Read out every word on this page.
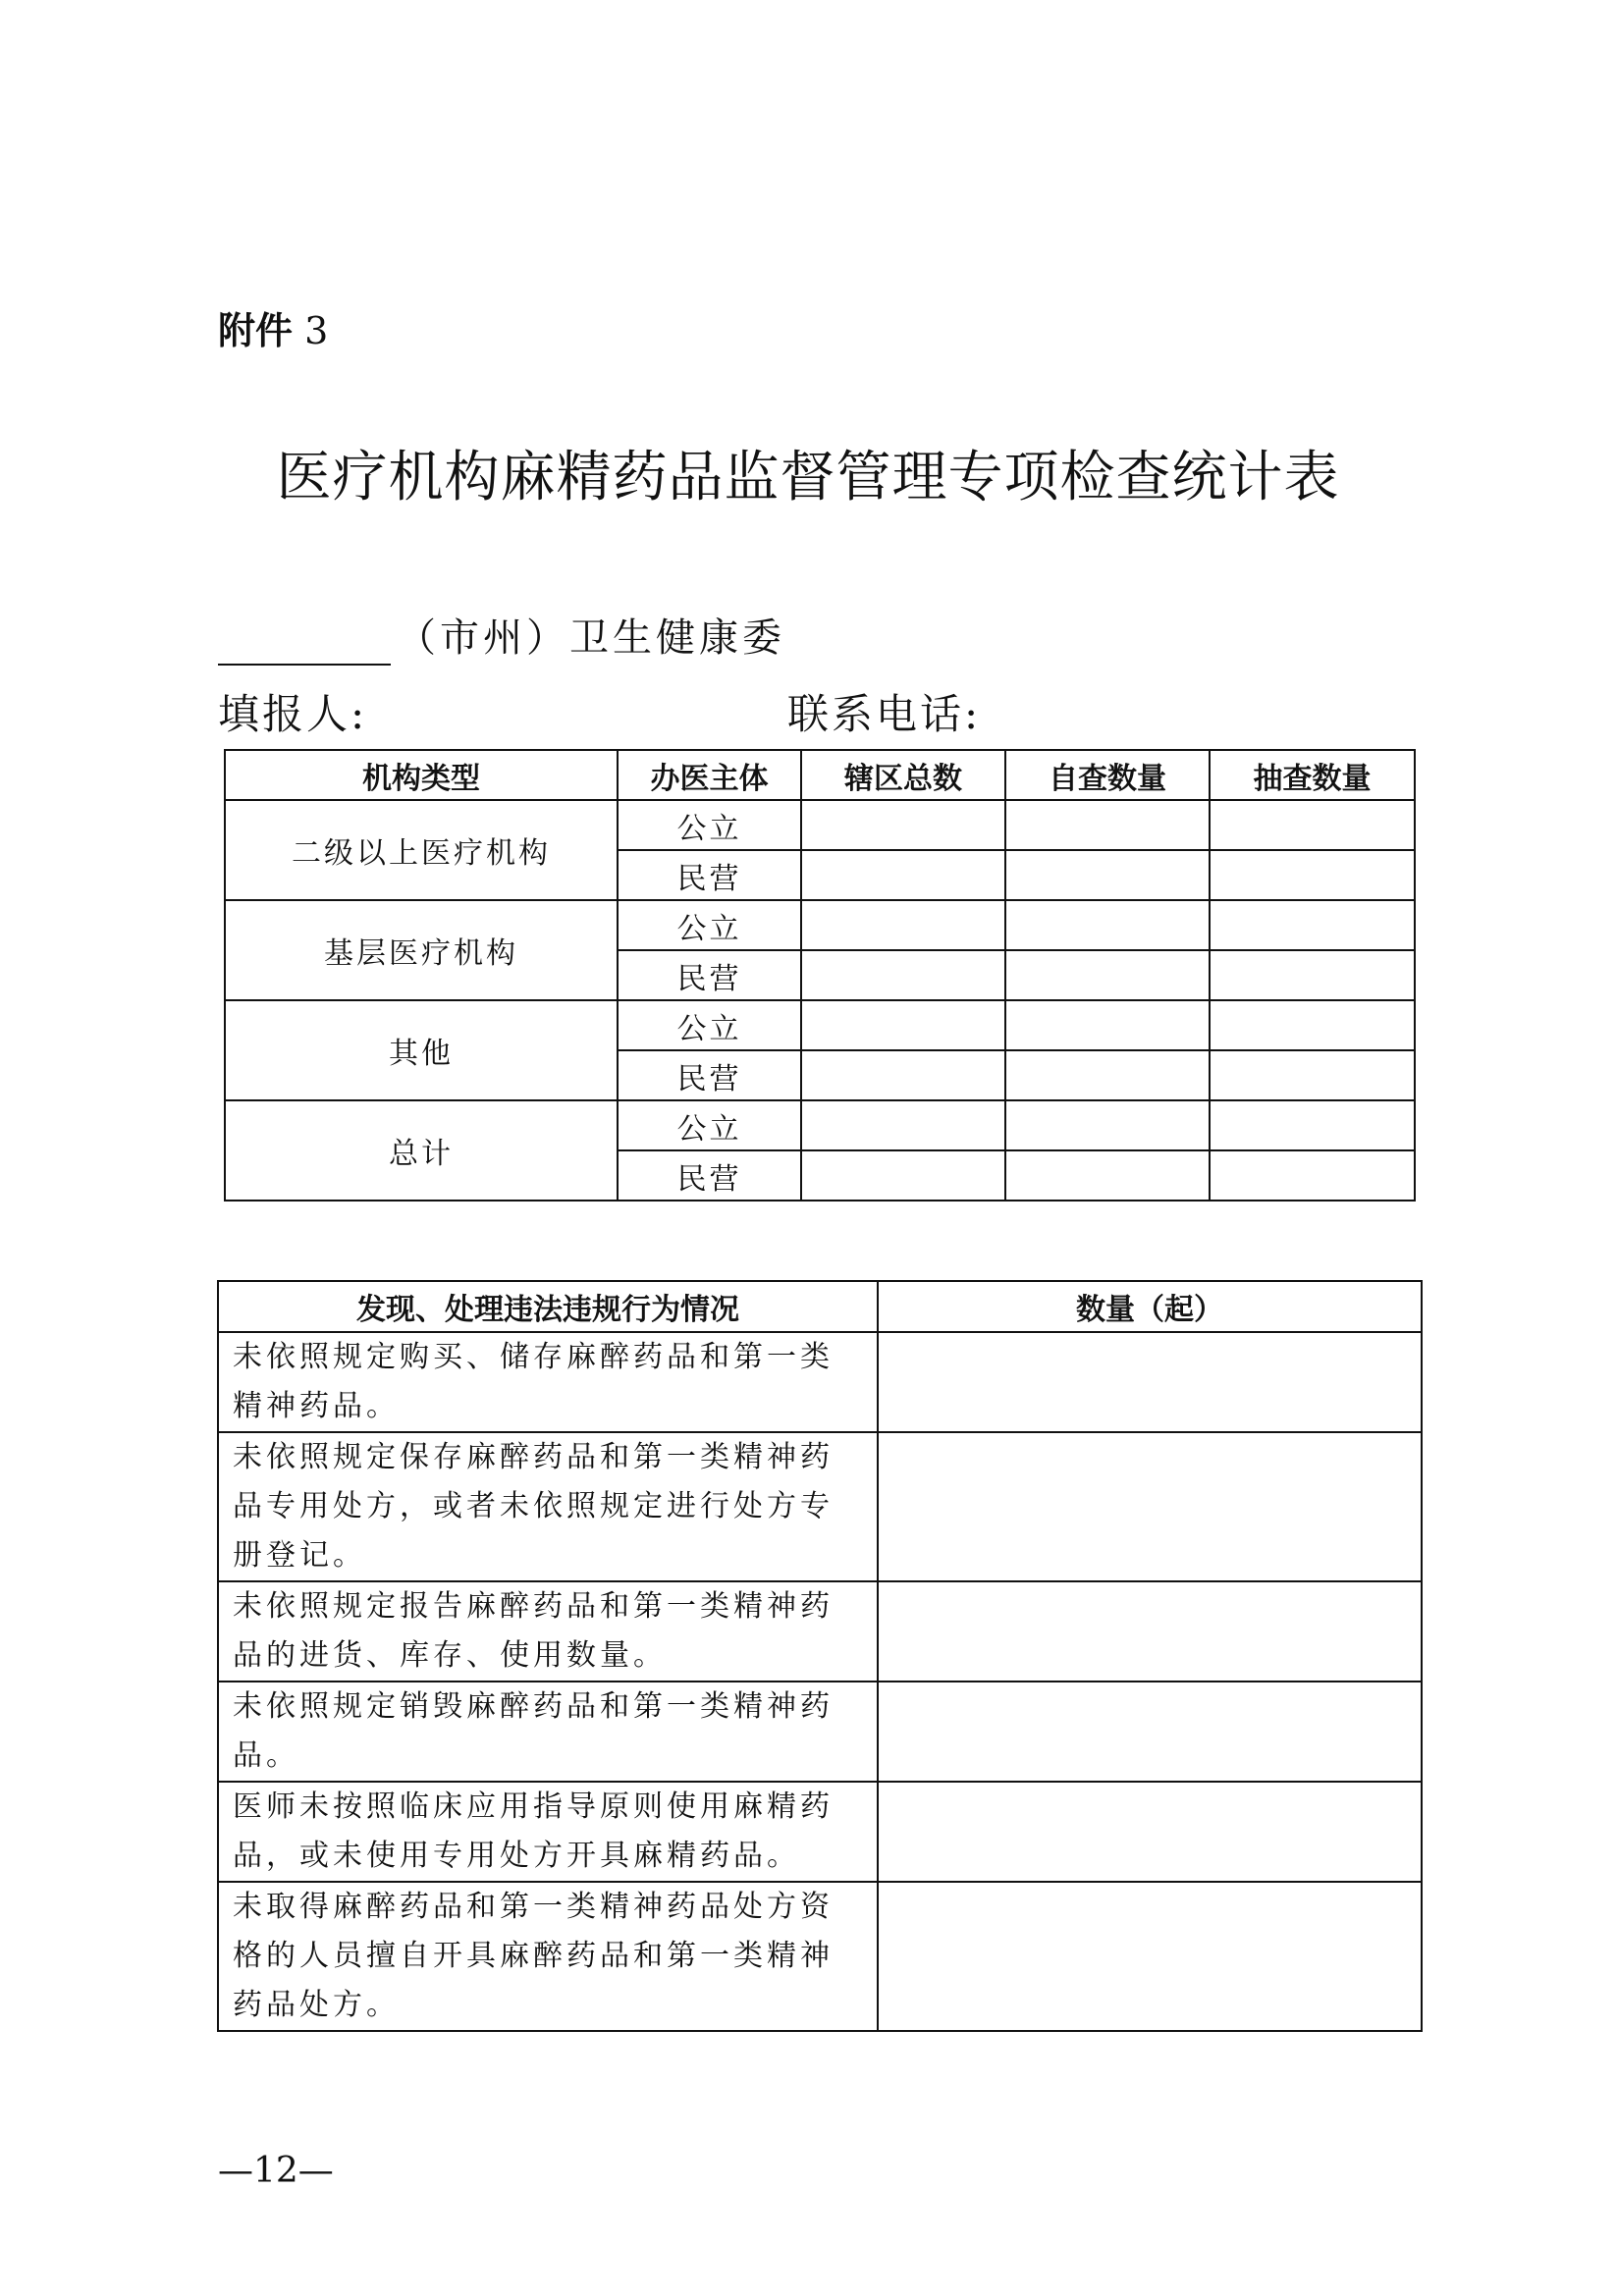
附件 3
医疗机构麻精药品监督管理专项检查统计表
（市州）卫生健康委
填报人:	联系电话:
机构类型	办医主体	辖区总数	自查数量	抽查数量
二级以上医疗机构	公立			
	民营			
基层医疗机构	公立			
	民营			
其他	公立			
	民营			
总计	公立			
	民营			
发现、处理违法违规行为情况	数量（起）
未依照规定购买、储存麻醉药品和第一类精神药品。	
未依照规定保存麻醉药品和第一类精神药品专用处方，或者未依照规定进行处方专册登记。	
未依照规定报告麻醉药品和第一类精神药品的进货、库存、使用数量。	
未依照规定销毁麻醉药品和第一类精神药品。	
医师未按照临床应用指导原则使用麻精药品，或未使用专用处方开具麻精药品。	
未取得麻醉药品和第一类精神药品处方资格的人员擅自开具麻醉药品和第一类精神药品处方。	
—12—
